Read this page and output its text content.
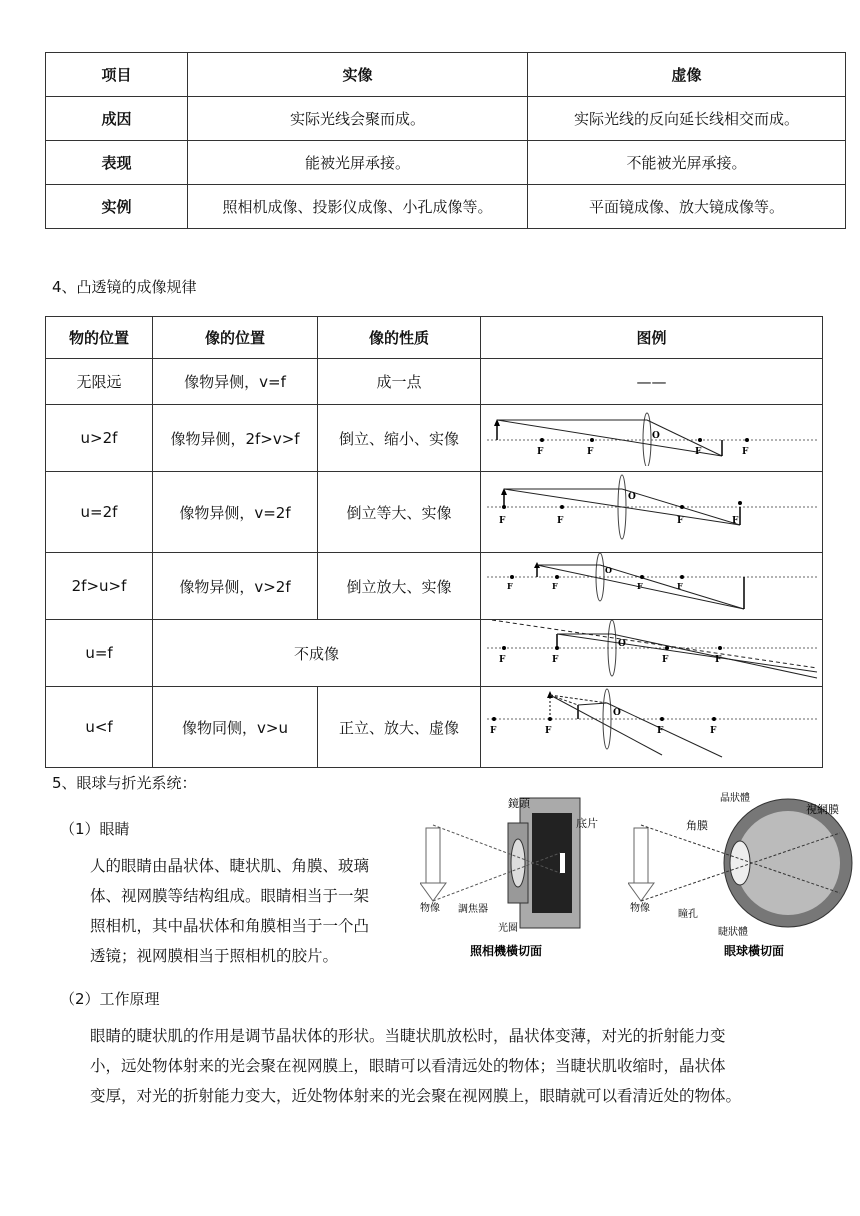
项目	实像	虚像
成因	实际光线会聚而成。	实际光线的反向延长线相交而成。
表现	能被光屏承接。	不能被光屏承接。
实例	照相机成像、投影仪成像、小孔成像等。	平面镜成像、放大镜成像等。
4、凸透镜的成像规律
物的位置	像的位置	像的性质	图例
无限远	像物异侧，v=f	成一点	——
u>2f	像物异侧，2f>v>f	倒立、缩小、实像	F F
O
F F

u=2f	像物异侧，v=2f	倒立等大、实像	F F
O
F F

2f>u>f	像物异侧，v>2f	倒立放大、实像	F F
O
F F

u=f	不成像		F F
O
F F

u<f	像物同侧，v>u	正立、放大、虚像	F F
O
F F
5、眼球与折光系统：
（1）眼睛
人的眼睛由晶状体、睫状肌、角膜、玻璃
体、视网膜等结构组成。眼睛相当于一架
照相机，其中晶状体和角膜相当于一个凸
透镜；视网膜相当于照相机的胶片。
鏡頭
底片
物像 調焦器
光圈
照相機橫切面
晶狀體
視網膜
角膜
物像
瞳孔
睫狀體
眼球橫切面
（2）工作原理
眼睛的睫状肌的作用是调节晶状体的形状。当睫状肌放松时，晶状体变薄，对光的折射能力变
小，远处物体射来的光会聚在视网膜上，眼睛可以看清远处的物体；当睫状肌收缩时，晶状体
变厚，对光的折射能力变大，近处物体射来的光会聚在视网膜上，眼睛就可以看清近处的物体。
